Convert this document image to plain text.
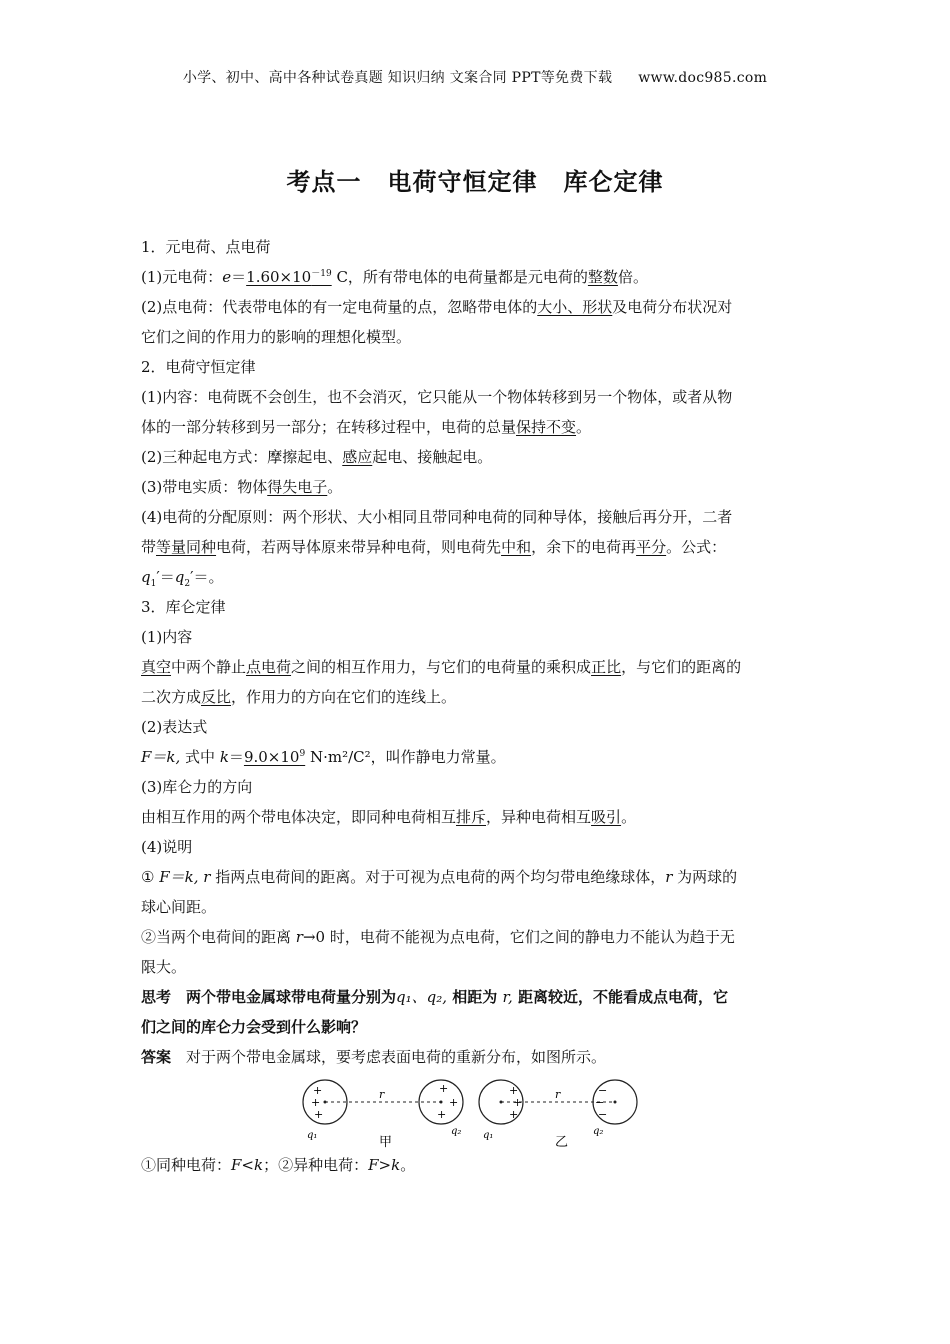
小学、初中、高中各种试卷真题 知识归纳 文案合同 PPT等免费下载 www.doc985.com
考点一 电荷守恒定律 库仑定律
1．元电荷、点电荷
(1)元电荷：$e=1.60\times 10^{-19}$ C，所有带电体的电荷量都是元电荷的整数倍。
(2)点电荷：代表带电体的有一定电荷量的点，忽略带电体的大小、形状及电荷分布状况对
它们之间的作用力的影响的理想化模型。
2．电荷守恒定律
(1)内容：电荷既不会创生，也不会消灭，它只能从一个物体转移到另一个物体，或者从物
体的一部分转移到另一部分；在转移过程中，电荷的总量保持不变。
(2)三种起电方式：摩擦起电、感应起电、接触起电。
(3)带电实质：物体得失电子。
(4)电荷的分配原则：两个形状、大小相同且带同种电荷的同种导体，接触后再分开，二者
带等量同种电荷，若两导体原来带异种电荷，则电荷先中和，余下的电荷再平分。公式：
$q_1'=q_2'=$。
3．库仑定律
(1)内容
真空中两个静止点电荷之间的相互作用力，与它们的电荷量的乘积成正比，与它们的距离的
二次方成反比，作用力的方向在它们的连线上。
(2)表达式
F＝k, 式中 $k=9.0\times 10^9$ N·m²/C²，叫作静电力常量。
(3)库仑力的方向
由相互作用的两个带电体决定，即同种电荷相互排斥，异种电荷相互吸引。
(4)说明
① F＝k, r 指两点电荷间的距离。对于可视为点电荷的两个均匀带电绝缘球体，r 为两球的
球心间距。
②当两个电荷间的距离 r→0 时，电荷不能视为点电荷，它们之间的静电力不能认为趋于无
限大。
思考　 两个带电金属球带电荷量分别为q₁、q₂, 相距为 r, 距离较近，不能看成点电荷，它
们之间的库仑力会受到什么影响？
答案　 对于两个带电金属球，要考虑表面电荷的重新分布，如图所示。
+
+
+
+
+
+
r
q₁	q₂
+
+
+
−
−
−
r
q₁	q₂
甲	乙
①同种电荷：F<k；②异种电荷：F>k。
